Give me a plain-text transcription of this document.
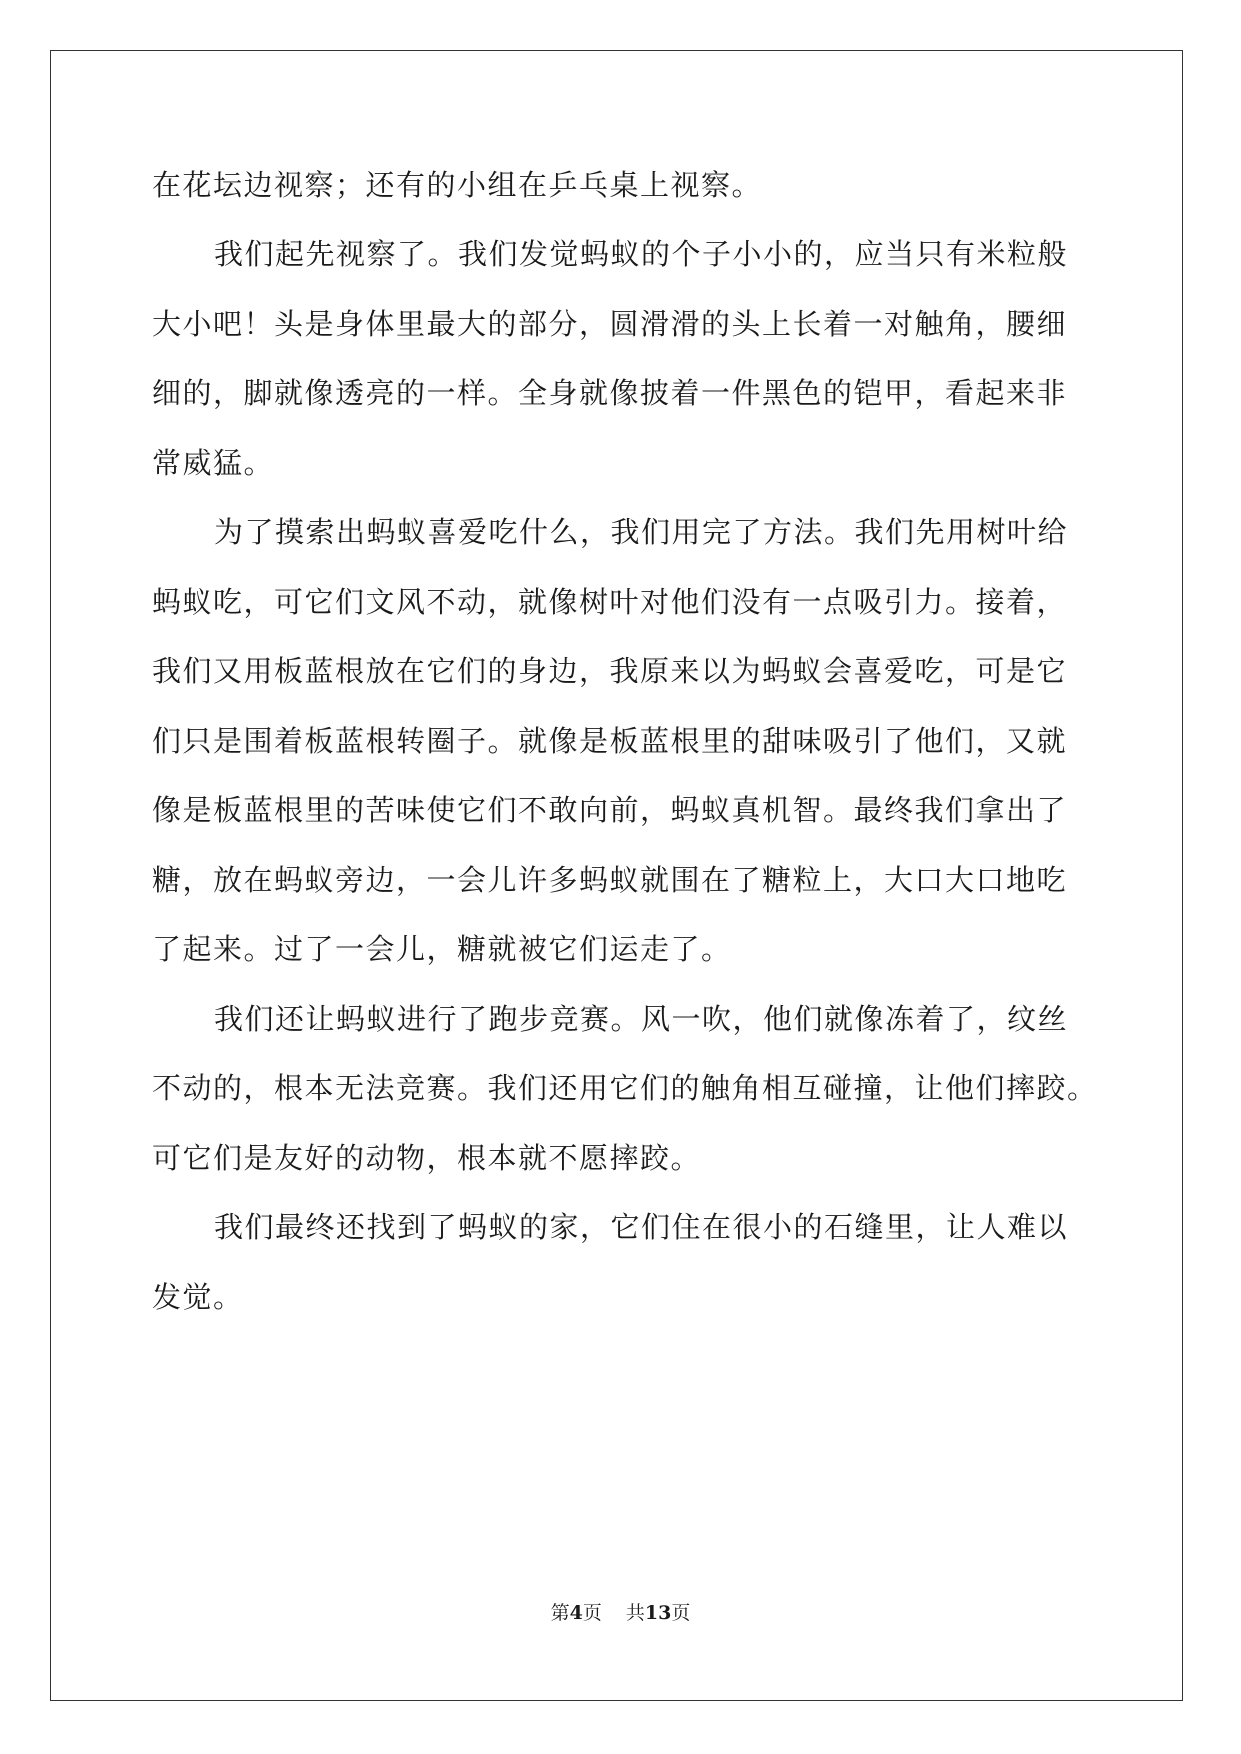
在花坛边视察；还有的小组在乒乓桌上视察。
我们起先视察了。我们发觉蚂蚁的个子小小的，应当只有米粒般
大小吧！头是身体里最大的部分，圆滑滑的头上长着一对触角，腰细
细的，脚就像透亮的一样。全身就像披着一件黑色的铠甲，看起来非
常威猛。
为了摸索出蚂蚁喜爱吃什么，我们用完了方法。我们先用树叶给
蚂蚁吃，可它们文风不动，就像树叶对他们没有一点吸引力。接着，
我们又用板蓝根放在它们的身边，我原来以为蚂蚁会喜爱吃，可是它
们只是围着板蓝根转圈子。就像是板蓝根里的甜味吸引了他们，又就
像是板蓝根里的苦味使它们不敢向前，蚂蚁真机智。最终我们拿出了
糖，放在蚂蚁旁边，一会儿许多蚂蚁就围在了糖粒上，大口大口地吃
了起来。过了一会儿，糖就被它们运走了。
我们还让蚂蚁进行了跑步竞赛。风一吹，他们就像冻着了，纹丝
不动的，根本无法竞赛。我们还用它们的触角相互碰撞，让他们摔跤。
可它们是友好的动物，根本就不愿摔跤。
我们最终还找到了蚂蚁的家，它们住在很小的石缝里，让人难以
发觉。
第4页 共13页
